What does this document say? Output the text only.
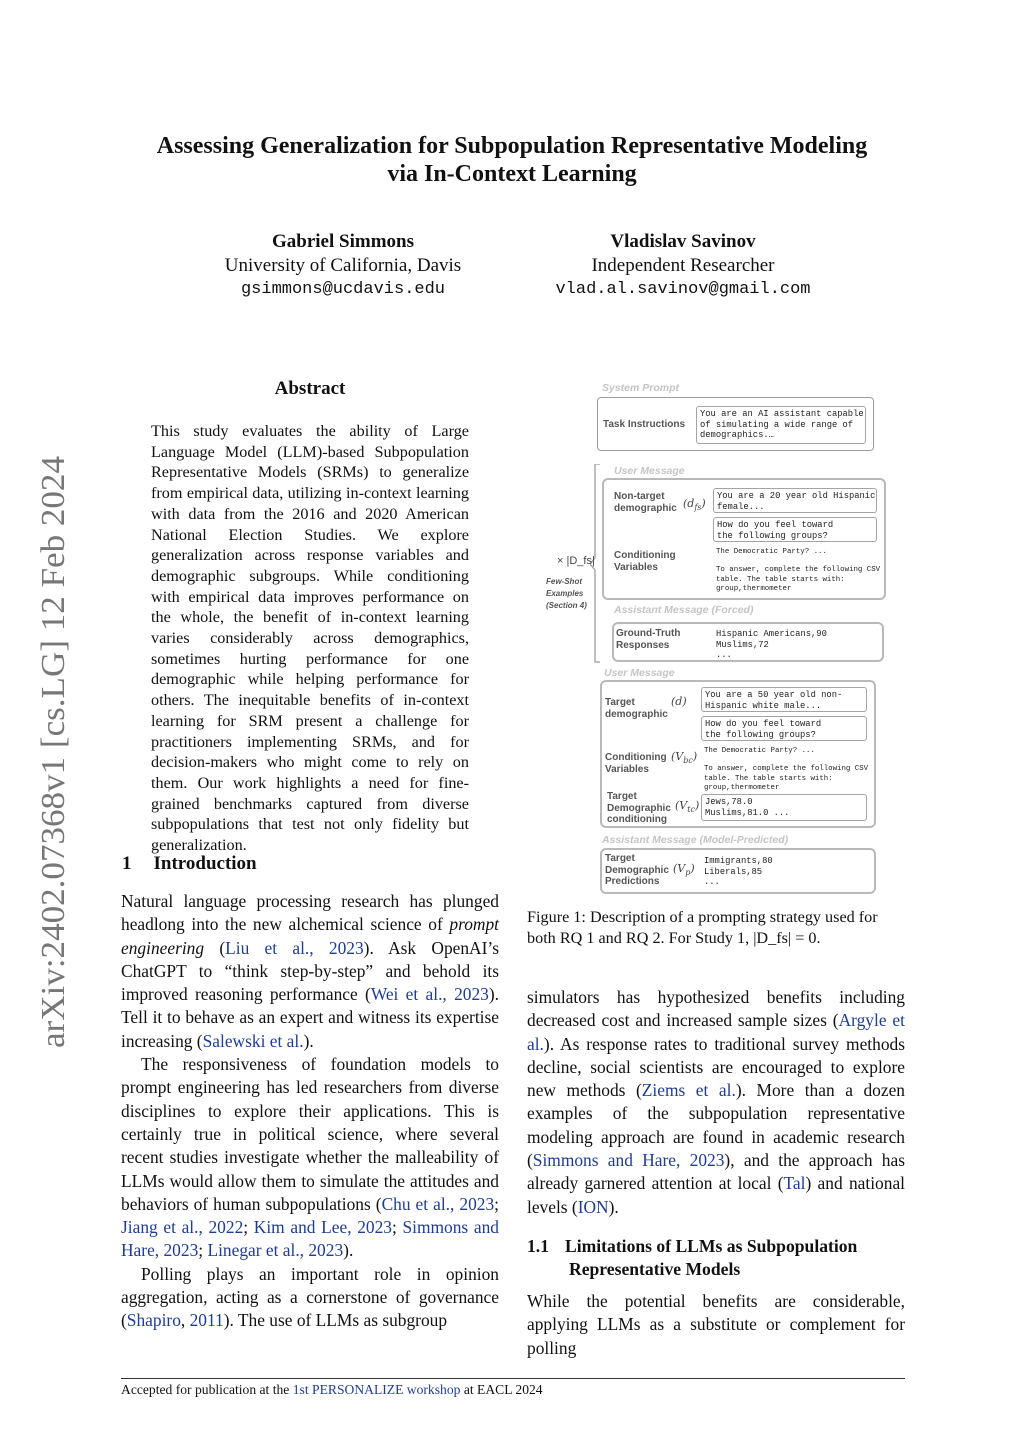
arXiv:2402.07368v1 [cs.LG] 12 Feb 2024
Assessing Generalization for Subpopulation Representative Modeling
via In-Context Learning
Gabriel Simmons
University of California, Davis
gsimmons@ucdavis.edu
Vladislav Savinov
Independent Researcher
vlad.al.savinov@gmail.com
Abstract
This study evaluates the ability of Large Language Model (LLM)-based Subpopulation Representative Models (SRMs) to generalize from empirical data, utilizing in-context learning with data from the 2016 and 2020 American National Election Studies. We explore generalization across response variables and demographic subgroups. While conditioning with empirical data improves performance on the whole, the benefit of in-context learning varies considerably across demographics, sometimes hurting performance for one demographic while helping performance for others. The inequitable benefits of in-context learning for SRM present a challenge for practitioners implementing SRMs, and for decision-makers who might come to rely on them. Our work highlights a need for fine-grained benchmarks captured from diverse subpopulations that test not only fidelity but generalization.
1 Introduction

Natural language processing research has plunged headlong into the new alchemical science of prompt engineering (Liu et al., 2023). Ask OpenAI’s ChatGPT to “think step-by-step” and behold its improved reasoning performance (Wei et al., 2023). Tell it to behave as an expert and witness its expertise increasing (Salewski et al.).

The responsiveness of foundation models to prompt engineering has led researchers from diverse disciplines to explore their applications. This is certainly true in political science, where several recent studies investigate whether the malleability of LLMs would allow them to simulate the attitudes and behaviors of human subpopulations (Chu et al., 2023; Jiang et al., 2022; Kim and Lee, 2023; Simmons and Hare, 2023; Linegar et al., 2023).

Polling plays an important role in opinion aggregation, acting as a cornerstone of governance (Shapiro, 2011). The use of LLMs as subgroup

System Prompt
Task Instructions
You are an AI assistant capable
of simulating a wide range of
demographics.…
× |D_fs|
Few-Shot
Examples
(Section 4)
User Message
Non-target
demographic $(d_{fs})$
You are a 20 year old Hispanic
female...
How do you feel toward
the following groups?
Conditioning
Variables
The Democratic Party? ...

To answer, complete the following CSV
table. The table starts with:
group,thermometer
Assistant Message (Forced)
Ground-Truth
Responses
Hispanic Americans,90
Muslims,72
...
User Message
Target
demographic
(d)	You are a 50 year old non-
Hispanic white male...
How do you feel toward
the following groups?
Conditioning
Variables
$(V_{bc})$ The Democratic Party? ...

To answer, complete the following CSV
table. The table starts with:
group,thermometer
Target
Demographic
conditioning
$(V_{tc})$ Jews,78.0
Muslims,81.0 ...
Assistant Message (Model-Predicted)
Target
Demographic
Predictions
$(V_p)$
Immigrants,80
Liberals,85
...
Figure 1: Description of a prompting strategy used for both RQ 1 and RQ 2. For Study 1, |D_fs| = 0.

simulators has hypothesized benefits including decreased cost and increased sample sizes (Argyle et al.). As response rates to traditional survey methods decline, social scientists are encouraged to explore new methods (Ziems et al.). More than a dozen examples of the subpopulation representative modeling approach are found in academic research (Simmons and Hare, 2023), and the approach has already garnered attention at local (Tal) and national levels (ION).

1.1 Limitations of LLMs as Subpopulation
Representative Models
While the potential benefits are considerable, applying LLMs as a substitute or complement for polling
Accepted for publication at the 1st PERSONALIZE workshop at EACL 2024
